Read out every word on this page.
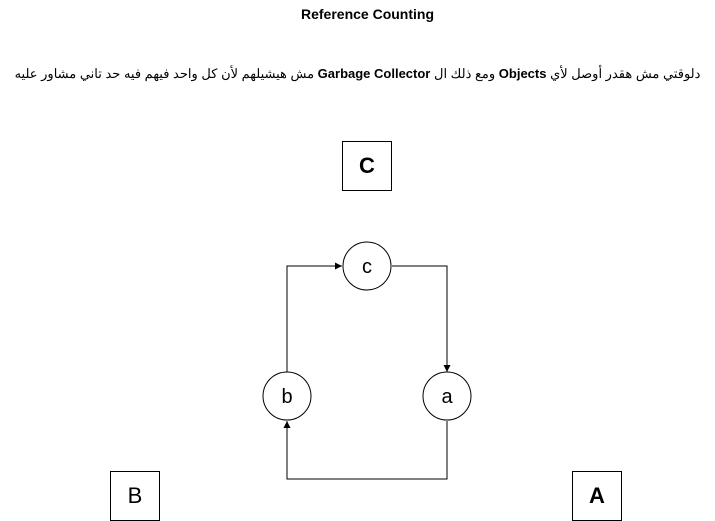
Reference Counting
دلوقتي مش هقدر أوصل لأي Objects ومع ذلك ال Garbage Collector مش هيشيلهم لأن كل واحد فيهم فيه حد تاني مشاور عليه
C
B	A
c
b	a
